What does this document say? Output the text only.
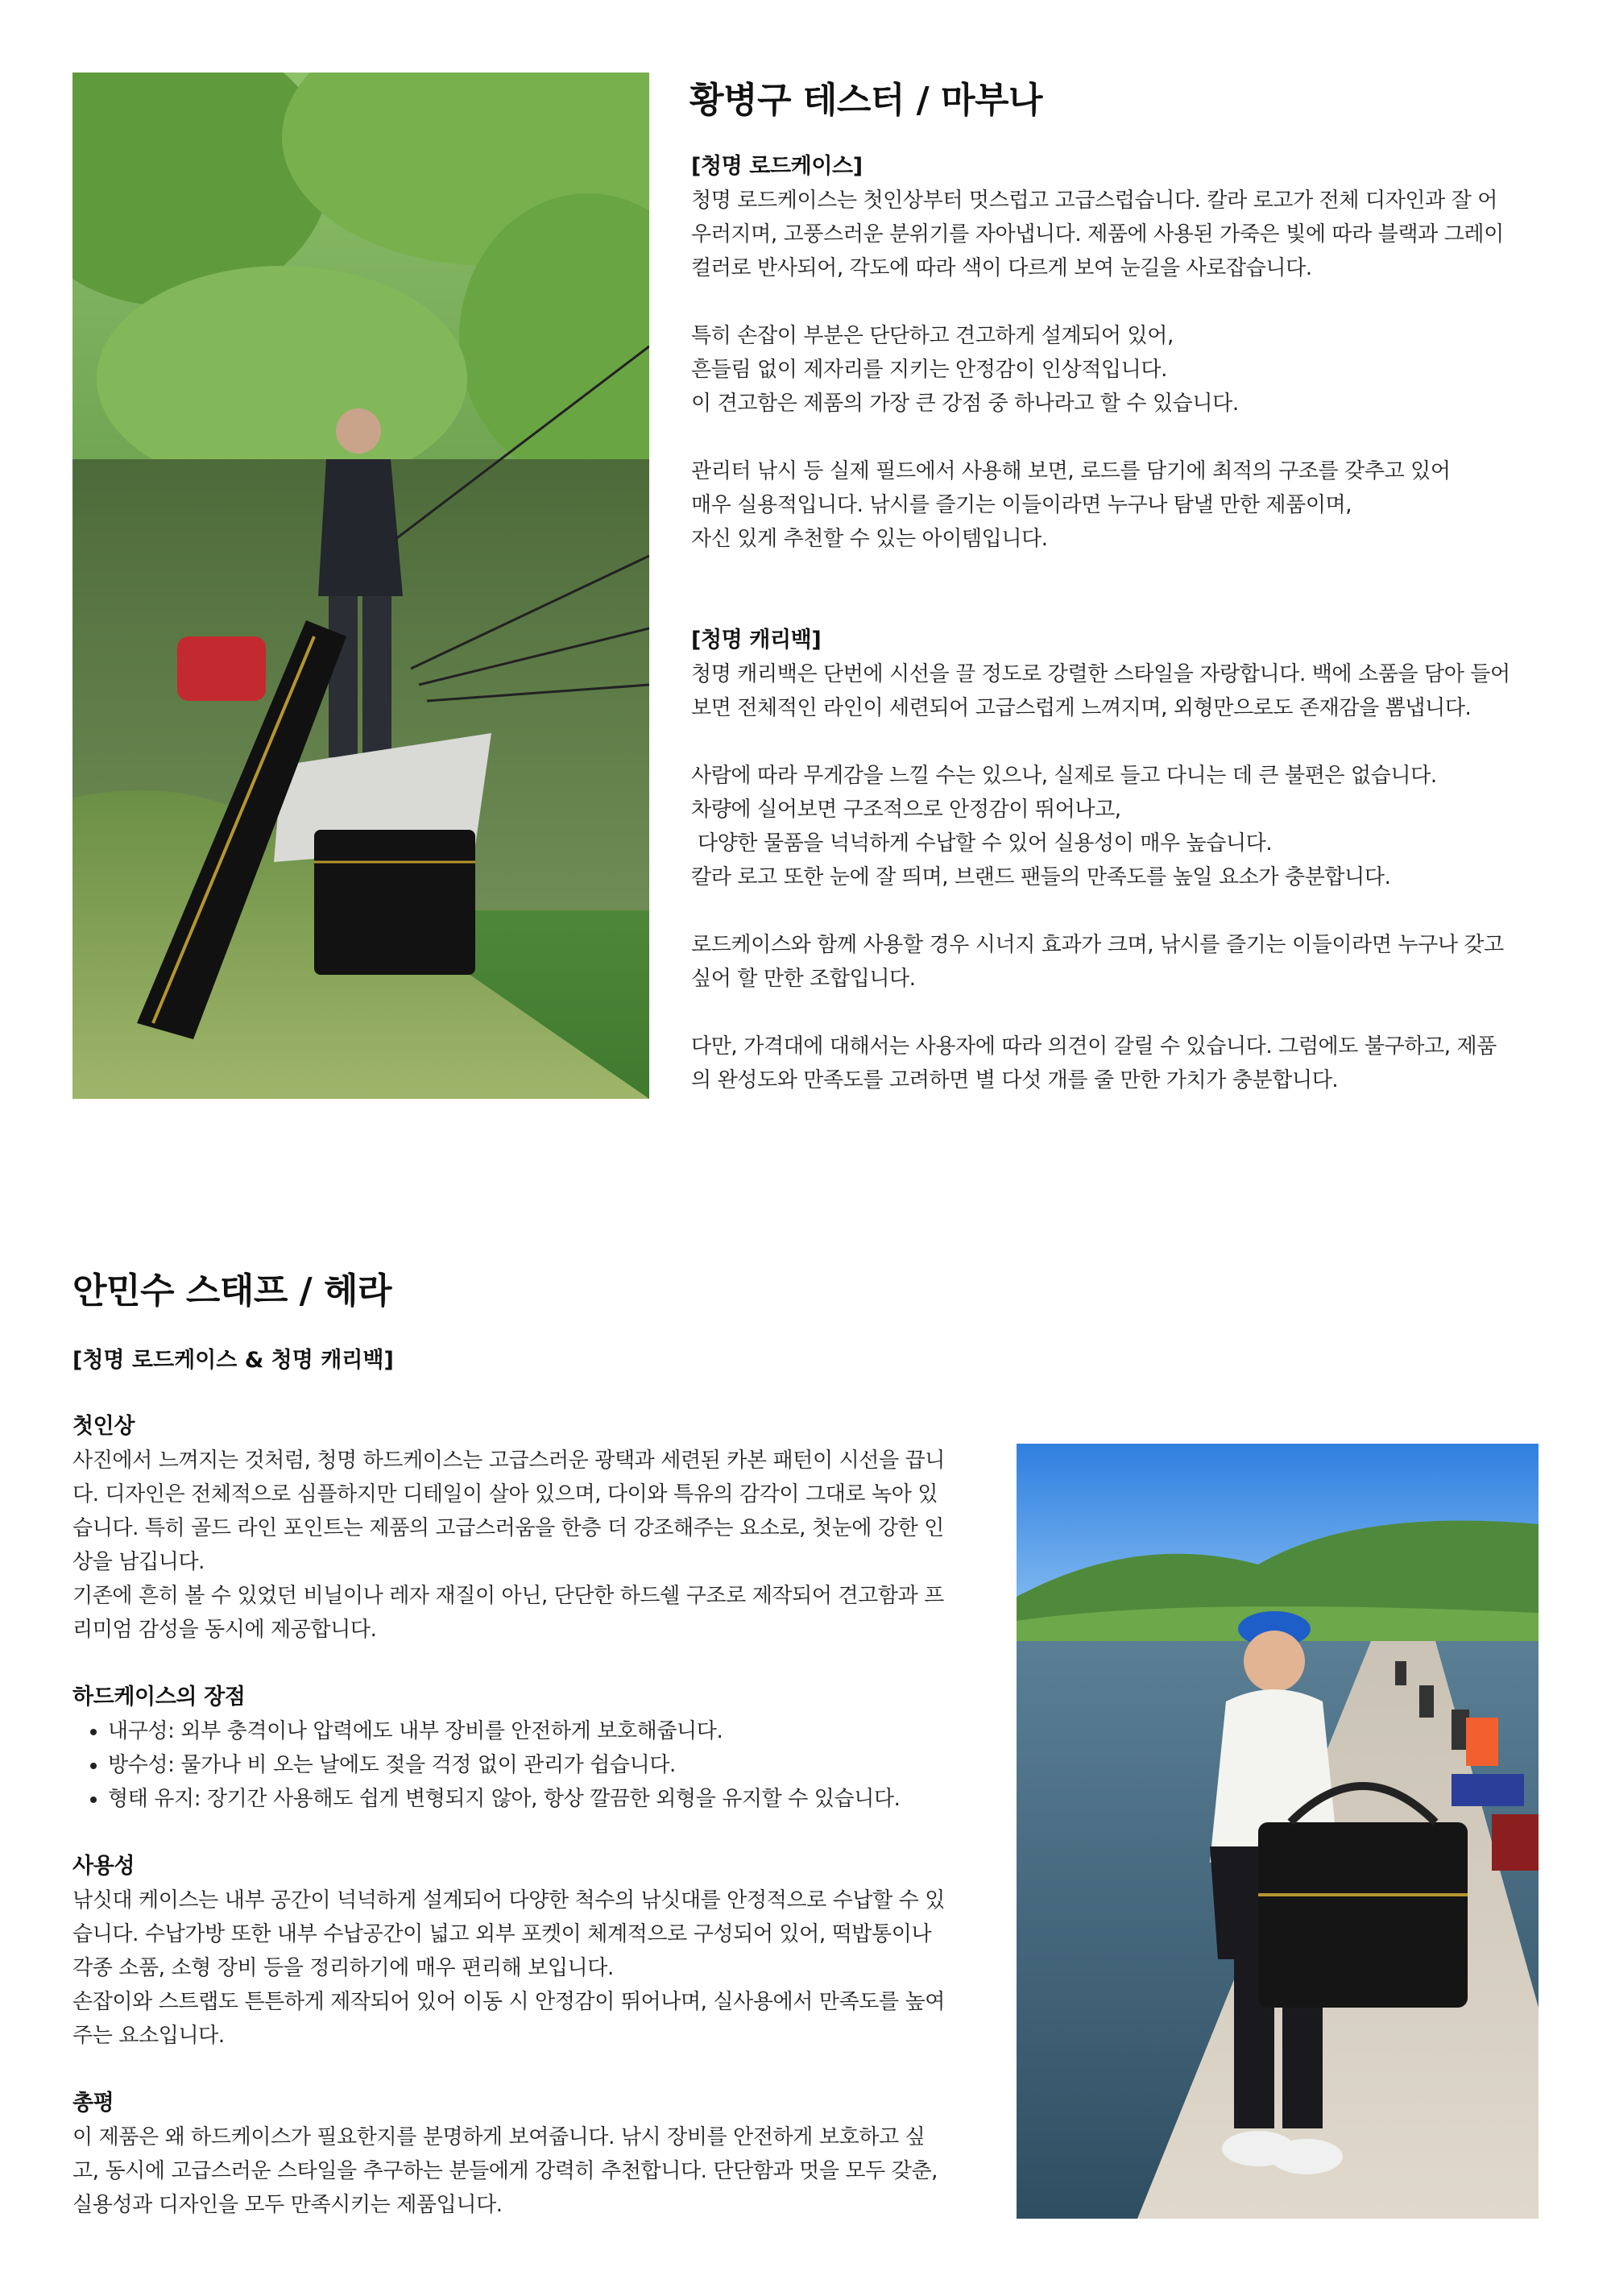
황병구 테스터 / 마부나
[청명 로드케이스]

청명 로드케이스는 첫인상부터 멋스럽고 고급스럽습니다. 칼라 로고가 전체 디자인과 잘 어

우러지며, 고풍스러운 분위기를 자아냅니다. 제품에 사용된 가죽은 빛에 따라 블랙과 그레이

컬러로 반사되어, 각도에 따라 색이 다르게 보여 눈길을 사로잡습니다.

특히 손잡이 부분은 단단하고 견고하게 설계되어 있어,

흔들림 없이 제자리를 지키는 안정감이 인상적입니다.

이 견고함은 제품의 가장 큰 강점 중 하나라고 할 수 있습니다.

관리터 낚시 등 실제 필드에서 사용해 보면, 로드를 담기에 최적의 구조를 갖추고 있어

매우 실용적입니다. 낚시를 즐기는 이들이라면 누구나 탐낼 만한 제품이며,

자신 있게 추천할 수 있는 아이템입니다.

[청명 캐리백]

청명 캐리백은 단번에 시선을 끌 정도로 강렬한 스타일을 자랑합니다. 백에 소품을 담아 들어

보면 전체적인 라인이 세련되어 고급스럽게 느껴지며, 외형만으로도 존재감을 뽐냅니다.

사람에 따라 무게감을 느낄 수는 있으나, 실제로 들고 다니는 데 큰 불편은 없습니다.

차량에 실어보면 구조적으로 안정감이 뛰어나고,

다양한 물품을 넉넉하게 수납할 수 있어 실용성이 매우 높습니다.

칼라 로고 또한 눈에 잘 띄며, 브랜드 팬들의 만족도를 높일 요소가 충분합니다.

로드케이스와 함께 사용할 경우 시너지 효과가 크며, 낚시를 즐기는 이들이라면 누구나 갖고

싶어 할 만한 조합입니다.

다만, 가격대에 대해서는 사용자에 따라 의견이 갈릴 수 있습니다. 그럼에도 불구하고, 제품

의 완성도와 만족도를 고려하면 별 다섯 개를 줄 만한 가치가 충분합니다.

안민수 스태프 / 헤라
[청명 로드케이스 & 청명 캐리백]
첫인상

사진에서 느껴지는 것처럼, 청명 하드케이스는 고급스러운 광택과 세련된 카본 패턴이 시선을 끕니

다. 디자인은 전체적으로 심플하지만 디테일이 살아 있으며, 다이와 특유의 감각이 그대로 녹아 있

습니다. 특히 골드 라인 포인트는 제품의 고급스러움을 한층 더 강조해주는 요소로, 첫눈에 강한 인

상을 남깁니다.

기존에 흔히 볼 수 있었던 비닐이나 레자 재질이 아닌, 단단한 하드쉘 구조로 제작되어 견고함과 프

리미엄 감성을 동시에 제공합니다.

하드케이스의 장점
• 내구성: 외부 충격이나 압력에도 내부 장비를 안전하게 보호해줍니다.
• 방수성: 물가나 비 오는 날에도 젖을 걱정 없이 관리가 쉽습니다.
• 형태 유지: 장기간 사용해도 쉽게 변형되지 않아, 항상 깔끔한 외형을 유지할 수 있습니다.
사용성

낚싯대 케이스는 내부 공간이 넉넉하게 설계되어 다양한 척수의 낚싯대를 안정적으로 수납할 수 있

습니다. 수납가방 또한 내부 수납공간이 넓고 외부 포켓이 체계적으로 구성되어 있어, 떡밥통이나

각종 소품, 소형 장비 등을 정리하기에 매우 편리해 보입니다.

손잡이와 스트랩도 튼튼하게 제작되어 있어 이동 시 안정감이 뛰어나며, 실사용에서 만족도를 높여

주는 요소입니다.

총평

이 제품은 왜 하드케이스가 필요한지를 분명하게 보여줍니다. 낚시 장비를 안전하게 보호하고 싶

고, 동시에 고급스러운 스타일을 추구하는 분들에게 강력히 추천합니다. 단단함과 멋을 모두 갖춘,

실용성과 디자인을 모두 만족시키는 제품입니다.
